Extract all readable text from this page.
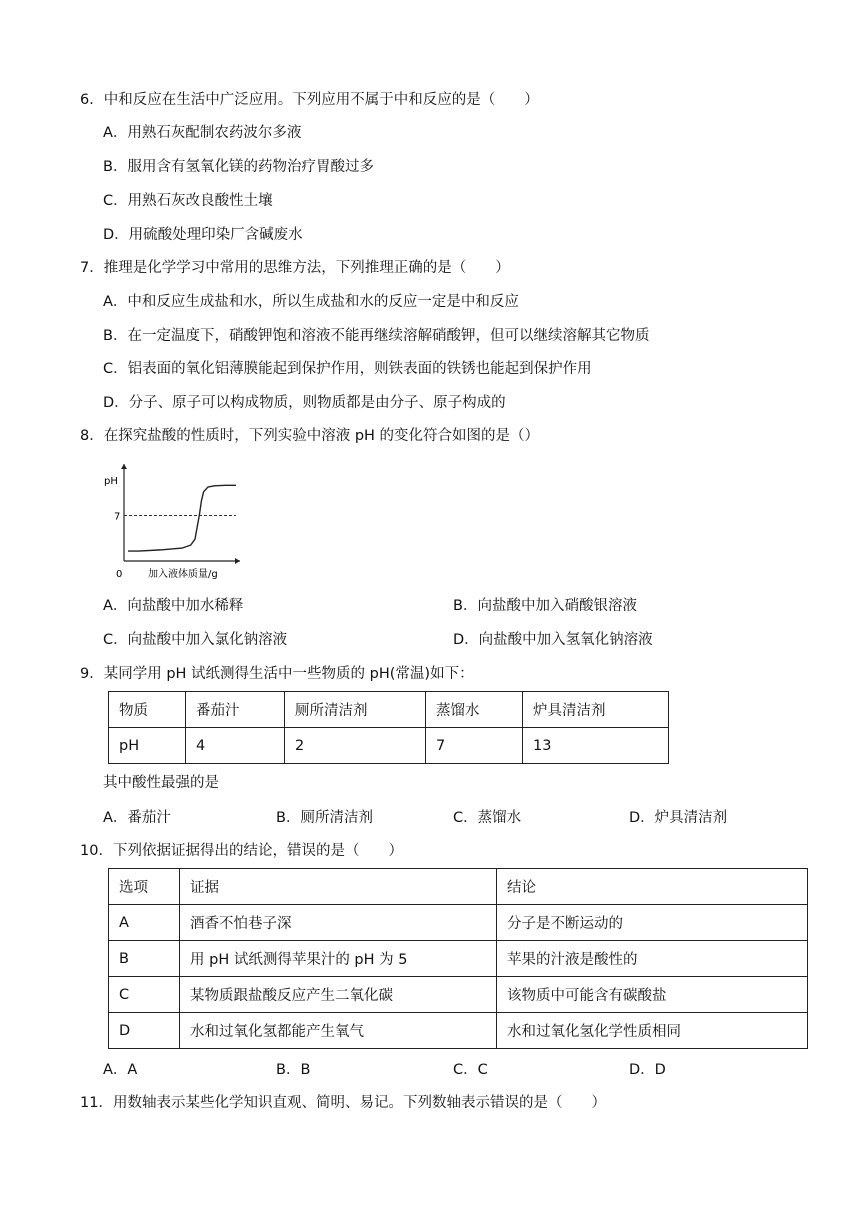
6．中和反应在生活中广泛应用。下列应用不属于中和反应的是（　　）
A．用熟石灰配制农药波尔多液
B．服用含有氢氧化镁的药物治疗胃酸过多
C．用熟石灰改良酸性土壤
D．用硫酸处理印染厂含碱废水
7．推理是化学学习中常用的思维方法，下列推理正确的是（　　）
A．中和反应生成盐和水，所以生成盐和水的反应一定是中和反应
B．在一定温度下，硝酸钾饱和溶液不能再继续溶解硝酸钾，但可以继续溶解其它物质
C．铝表面的氧化铝薄膜能起到保护作用，则铁表面的铁锈也能起到保护作用
D．分子、原子可以构成物质，则物质都是由分子、原子构成的
8．在探究盐酸的性质时，下列实验中溶液 pH 的变化符合如图的是（）
pH
7
0	加入液体质量/g
A．向盐酸中加水稀释	B．向盐酸中加入硝酸银溶液
C．向盐酸中加入氯化钠溶液	D．向盐酸中加入氢氧化钠溶液
9．某同学用 pH 试纸测得生活中一些物质的 pH(常温)如下：
物质	番茄汁	厕所清洁剂	蒸馏水	炉具清洁剂
pH	4	2	7	13
其中酸性最强的是
A．番茄汁	B．厕所清洁剂	C．蒸馏水	D．炉具清洁剂
10．下列依据证据得出的结论，错误的是（　　）
选项	证据	结论
A	酒香不怕巷子深	分子是不断运动的
B	用 pH 试纸测得苹果汁的 pH 为 5	苹果的汁液是酸性的
C	某物质跟盐酸反应产生二氧化碳	该物质中可能含有碳酸盐
D	水和过氧化氢都能产生氧气	水和过氧化氢化学性质相同
A．A	B．B	C．C	D．D
11．用数轴表示某些化学知识直观、简明、易记。下列数轴表示错误的是（　　）
